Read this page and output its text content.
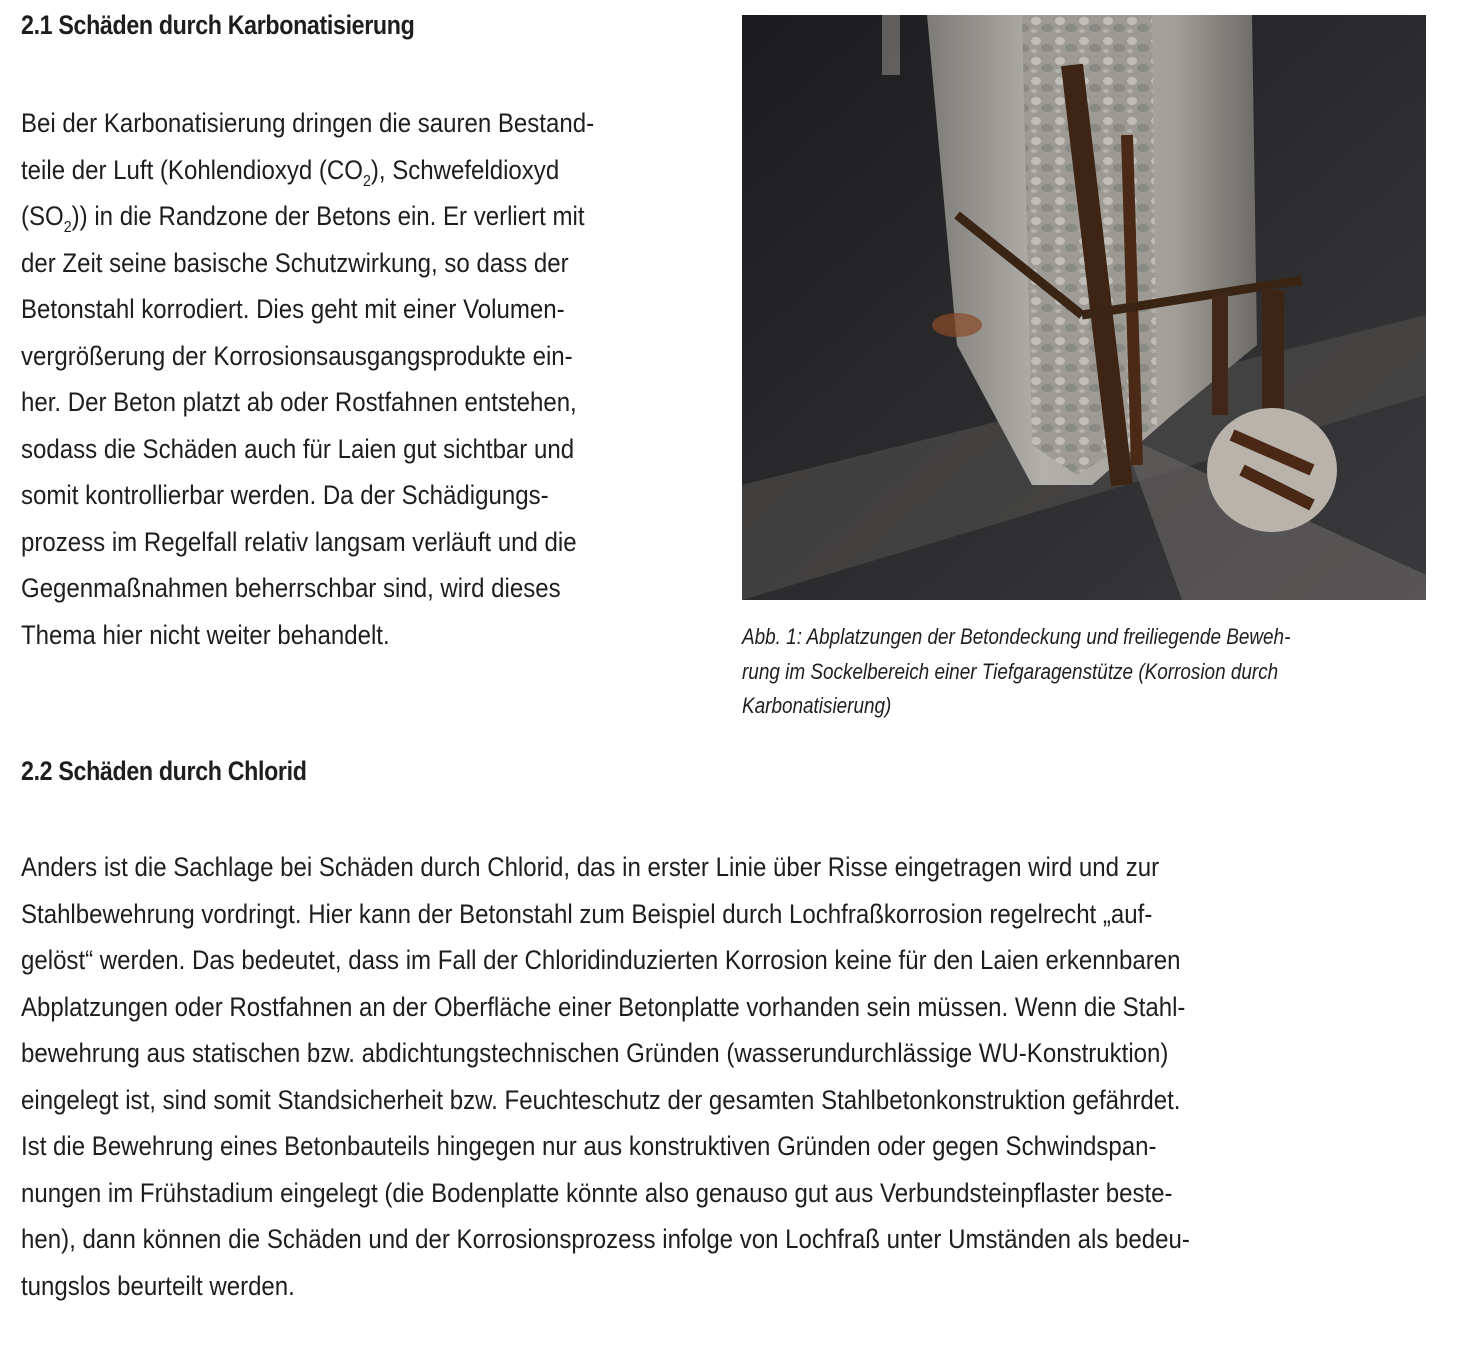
2.1 Schäden durch Karbonatisierung
Bei der Karbonatisierung dringen die sauren Bestand-
teile der Luft (Kohlendioxyd $(CO_2)$, Schwefeldioxyd
$(SO_2)$) in die Randzone der Betons ein. Er verliert mit
der Zeit seine basische Schutzwirkung, so dass der
Betonstahl korrodiert. Dies geht mit einer Volumen-
vergrößerung der Korrosionsausgangsprodukte ein-
her. Der Beton platzt ab oder Rostfahnen entstehen,
sodass die Schäden auch für Laien gut sichtbar und
somit kontrollierbar werden. Da der Schädigungs-
prozess im Regelfall relativ langsam verläuft und die
Gegenmaßnahmen beherrschbar sind, wird dieses
Thema hier nicht weiter behandelt.	Abb. 1: Abplatzungen der Betondeckung und freiliegende Beweh-
rung im Sockelbereich einer Tiefgaragenstütze (Korrosion durch
Karbonatisierung)
2.2 Schäden durch Chlorid
Anders ist die Sachlage bei Schäden durch Chlorid, das in erster Linie über Risse eingetragen wird und zur
Stahlbewehrung vordringt. Hier kann der Betonstahl zum Beispiel durch Lochfraßkorrosion regelrecht „auf-
gelöst“ werden. Das bedeutet, dass im Fall der Chloridinduzierten Korrosion keine für den Laien erkennbaren
Abplatzungen oder Rostfahnen an der Oberfläche einer Betonplatte vorhanden sein müssen. Wenn die Stahl-
bewehrung aus statischen bzw. abdichtungstechnischen Gründen (wasserundurchlässige WU-Konstruktion)
eingelegt ist, sind somit Standsicherheit bzw. Feuchteschutz der gesamten Stahlbetonkonstruktion gefährdet.
Ist die Bewehrung eines Betonbauteils hingegen nur aus konstruktiven Gründen oder gegen Schwindspan-
nungen im Frühstadium eingelegt (die Bodenplatte könnte also genauso gut aus Verbundsteinpflaster beste-
hen), dann können die Schäden und der Korrosionsprozess infolge von Lochfraß unter Umständen als bedeu-
tungslos beurteilt werden.
